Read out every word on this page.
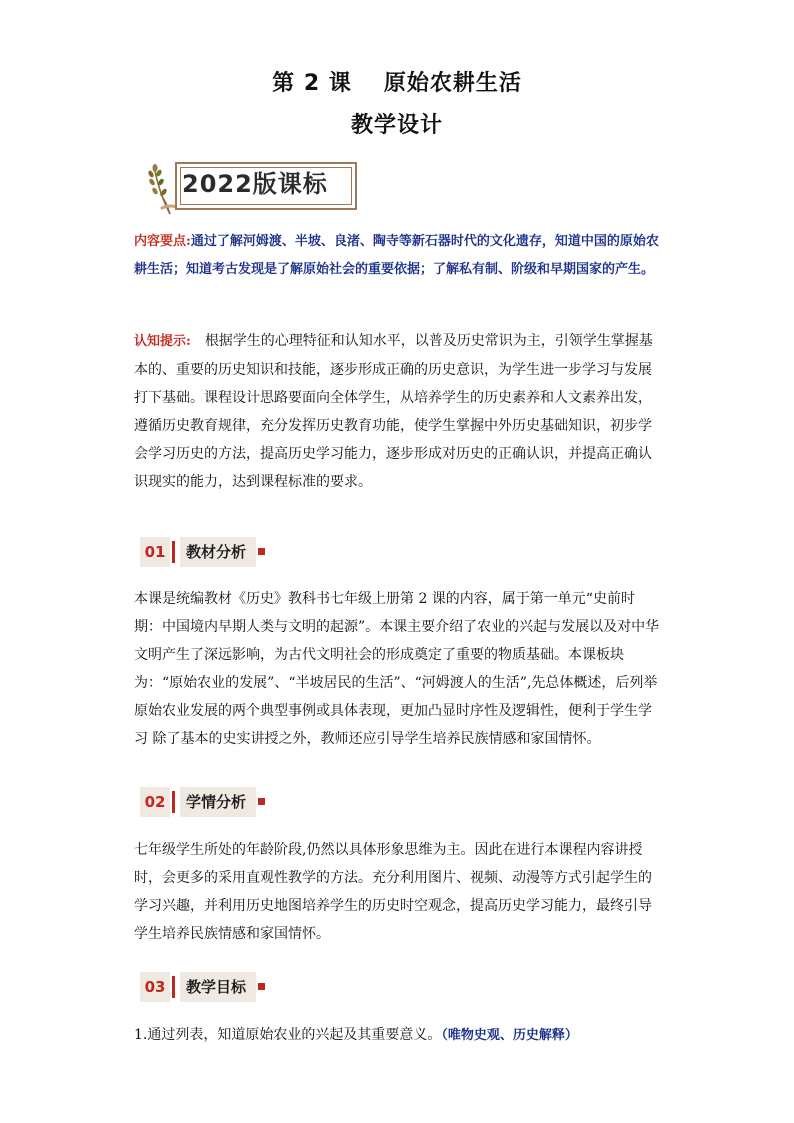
第 2 课 原始农耕生活
教学设计
2022版课标
内容要点:通过了解河姆渡、半坡、良渚、陶寺等新石器时代的文化遗存，知道中国的原始农耕生活；知道考古发现是了解原始社会的重要依据；了解私有制、阶级和早期国家的产生。
认知提示: 根据学生的心理特征和认知水平，以普及历史常识为主，引领学生掌握基本的、重要的历史知识和技能，逐步形成正确的历史意识，为学生进一步学习与发展打下基础。课程设计思路要面向全体学生，从培养学生的历史素养和人文素养出发，遵循历史教育规律，充分发挥历史教育功能，使学生掌握中外历史基础知识，初步学会学习历史的方法，提高历史学习能力，逐步形成对历史的正确认识，并提高正确认识现实的能力，达到课程标准的要求。
01	教材分析
本课是统编教材《历史》教科书七年级上册第 2 课的内容，属于第一单元“史前时期：中国境内早期人类与文明的起源”。本课主要介绍了农业的兴起与发展以及对中华文明产生了深远影响，为古代文明社会的形成奠定了重要的物质基础。本课板块为：“原始农业的发展”、“半坡居民的生活”、“河姆渡人的生活”,先总体概述，后列举原始农业发展的两个典型事例或具体表现，更加凸显时序性及逻辑性，便利于学生学习 除了基本的史实讲授之外，教师还应引导学生培养民族情感和家国情怀。
02	学情分析
七年级学生所处的年龄阶段,仍然以具体形象思维为主。因此在进行本课程内容讲授时，会更多的采用直观性教学的方法。充分利用图片、视频、动漫等方式引起学生的学习兴趣，并利用历史地图培养学生的历史时空观念，提高历史学习能力，最终引导学生培养民族情感和家国情怀。
03	教学目标
1.通过列表，知道原始农业的兴起及其重要意义。（唯物史观、历史解释）
